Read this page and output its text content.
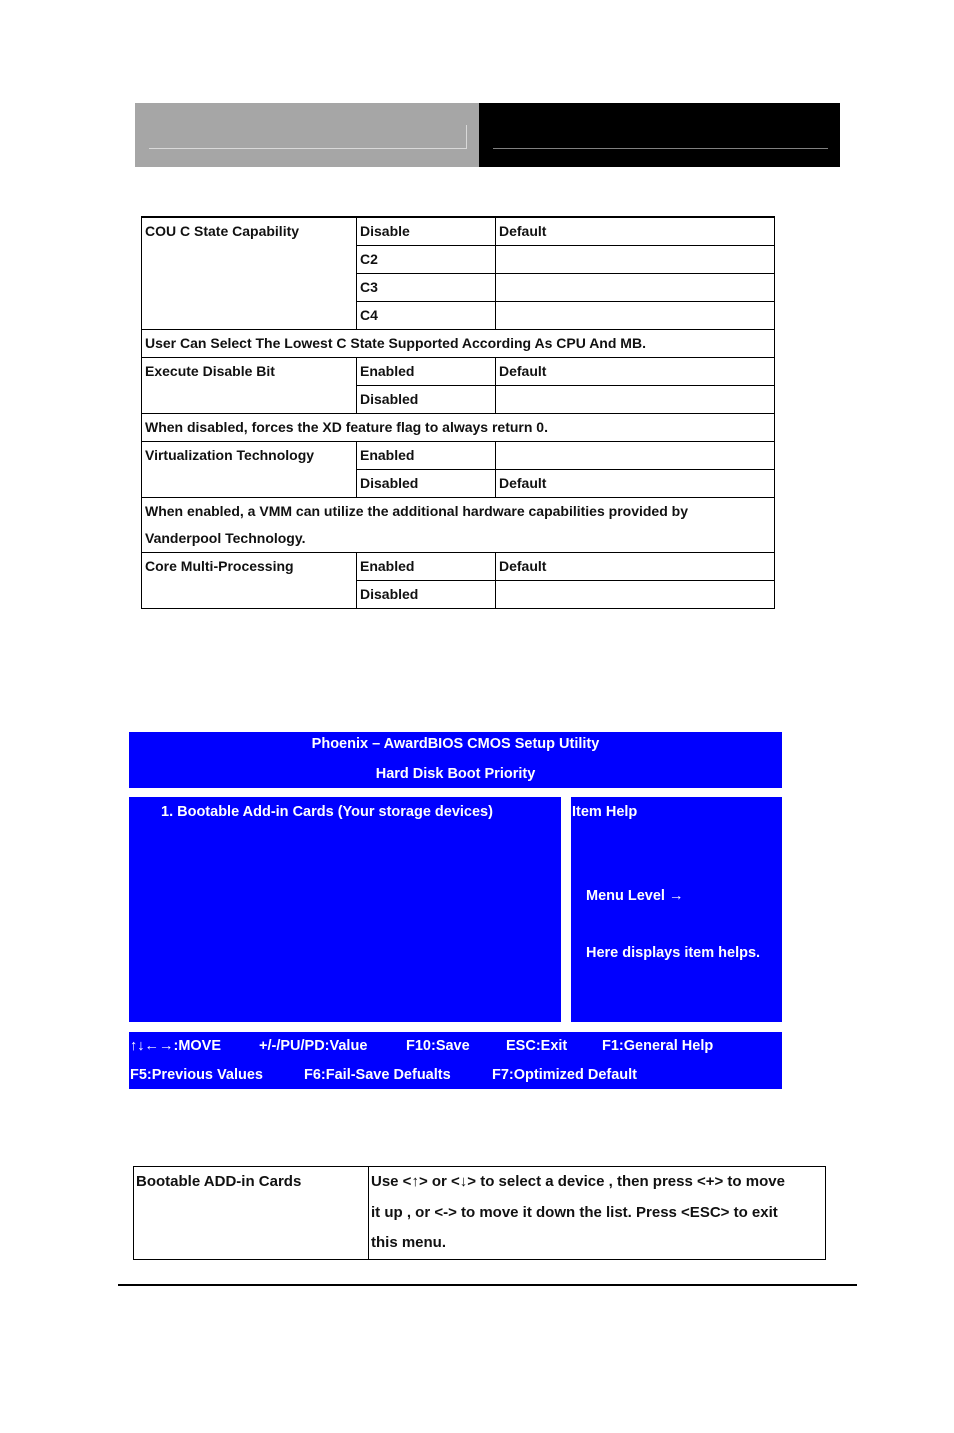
COU C State Capability	Disable	Default
	C2	
	C3	
	C4	
User Can Select The Lowest C State Supported According As CPU And MB.		
Execute Disable Bit	Enabled	Default
	Disabled	
When disabled, forces the XD feature flag to always return 0.		
Virtualization Technology	Enabled	
	Disabled	Default

When enabled, a VMM can utilize the additional hardware capabilities provided by
Vanderpool Technology.		

Core Multi-Processing	Enabled	Default
	Disabled	
Phoenix – AwardBIOS CMOS Setup Utility
Hard Disk Boot Priority
1. Bootable Add-in Cards (Your storage devices)	Item Help
Menu Level →
Here displays item helps.
↑↓←→:MOVE	+/-/PU/PD:Value	F10:Save	ESC:Exit F1:General Help
F5:Previous Values	F6:Fail-Save Defualts	F7:Optimized Default
Bootable ADD-in Cards	Use <↑> or <↓> to select a device , then press <+> to move
it up , or <-> to move it down the list. Press <ESC> to exit
this menu.
